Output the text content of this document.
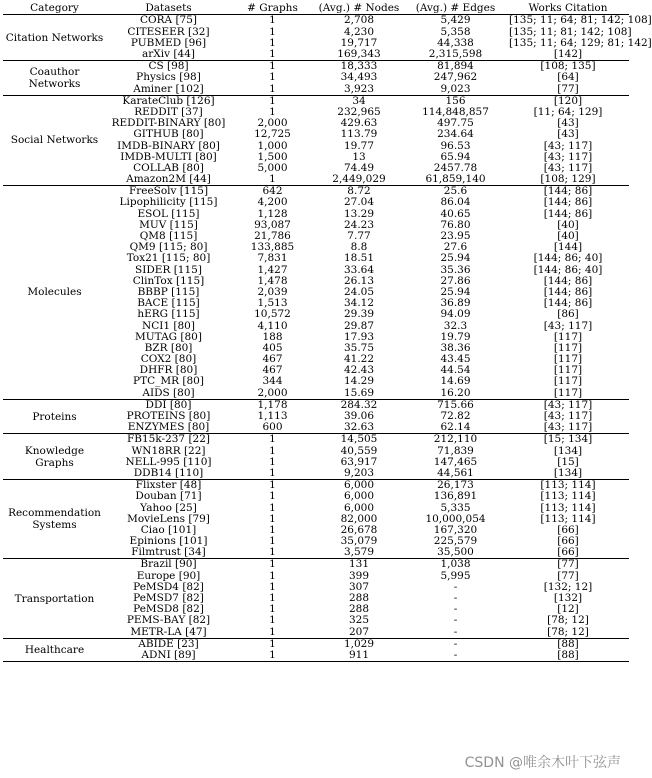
Category	Datasets	# Graphs	(Avg.) # Nodes	(Avg.) # Edges	Works Citation
Citation Networks	CORA [75]	1	2,708	5,429	[135; 11; 64; 81; 142; 108]
	CITESEER [32]	1	4,230	5,358	[135; 11; 81; 142; 108]
	PUBMED [96]	1	19,717	44,338	[135; 11; 64; 129; 81; 142]
	arXiv [44]	1	169,343	2,315,598	[142]
Coauthor Networks	CS [98]	1	18,333	81,894	[108; 135]
	Physics [98]	1	34,493	247,962	[64]
	Aminer [102]	1	3,923	9,023	[77]
Social Networks	KarateClub [126]	1	34	156	[120]
	REDDIT [37]	1	232,965	114,848,857	[11; 64; 129]
	REDDIT-BINARY [80]	2,000	429.63	497.75	[43]
	GITHUB [80]	12,725	113.79	234.64	[43]
	IMDB-BINARY [80]	1,000	19.77	96.53	[43; 117]
	IMDB-MULTI [80]	1,500	13	65.94	[43; 117]
	COLLAB [80]	5,000	74.49	2457.78	[43; 117]
	Amazon2M [44]	1	2,449,029	61,859,140	[108; 129]
Molecules	FreeSolv [115]	642	8.72	25.6	[144; 86]
	Lipophilicity [115]	4,200	27.04	86.04	[144; 86]
	ESOL [115]	1,128	13.29	40.65	[144; 86]
	MUV [115]	93,087	24.23	76.80	[40]
	QM8 [115]	21,786	7.77	23.95	[40]
	QM9 [115; 80]	133,885	8.8	27.6	[144]
	Tox21 [115; 80]	7,831	18.51	25.94	[144; 86; 40]
	SIDER [115]	1,427	33.64	35.36	[144; 86; 40]
	ClinTox [115]	1,478	26.13	27.86	[144; 86]
	BBBP [115]	2,039	24.05	25.94	[144; 86]
	BACE [115]	1,513	34.12	36.89	[144; 86]
	hERG [115]	10,572	29.39	94.09	[86]
	NCI1 [80]	4,110	29.87	32.3	[43; 117]
	MUTAG [80]	188	17.93	19.79	[117]
	BZR [80]	405	35.75	38.36	[117]
	COX2 [80]	467	41.22	43.45	[117]
	DHFR [80]	467	42.43	44.54	[117]
	PTC_MR [80]	344	14.29	14.69	[117]
	AIDS [80]	2,000	15.69	16.20	[117]
Proteins	DDI [80]	1,178	284.32	715.66	[43; 117]
	PROTEINS [80]	1,113	39.06	72.82	[43; 117]
	ENZYMES [80]	600	32.63	62.14	[43; 117]
Knowledge Graphs	FB15k-237 [22]	1	14,505	212,110	[15; 134]
	WN18RR [22]	1	40,559	71,839	[134]
	NELL-995 [110]	1	63,917	147,465	[15]
	DDB14 [110]	1	9,203	44,561	[134]
Recommendation Systems	Flixster [48]	1	6,000	26,173	[113; 114]
	Douban [71]	1	6,000	136,891	[113; 114]
	Yahoo [25]	1	6,000	5,335	[113; 114]
	MovieLens [79]	1	82,000	10,000,054	[113; 114]
	Ciao [101]	1	26,678	167,320	[66]
	Epinions [101]	1	35,079	225,579	[66]
	Filmtrust [34]	1	3,579	35,500	[66]
Transportation	Brazil [90]	1	131	1,038	[77]
	Europe [90]	1	399	5,995	[77]
	PeMSD4 [82]	1	307	-	[132; 12]
	PeMSD7 [82]	1	288	-	[132]
	PeMSD8 [82]	1	288	-	[12]
	PEMS-BAY [82]	1	325	-	[78; 12]
	METR-LA [47]	1	207	-	[78; 12]
Healthcare	ABIDE [23]	1	1,029	-	[88]
	ADNI [89]	1	911	-	[88]
CSDN @唯余木叶下弦声
